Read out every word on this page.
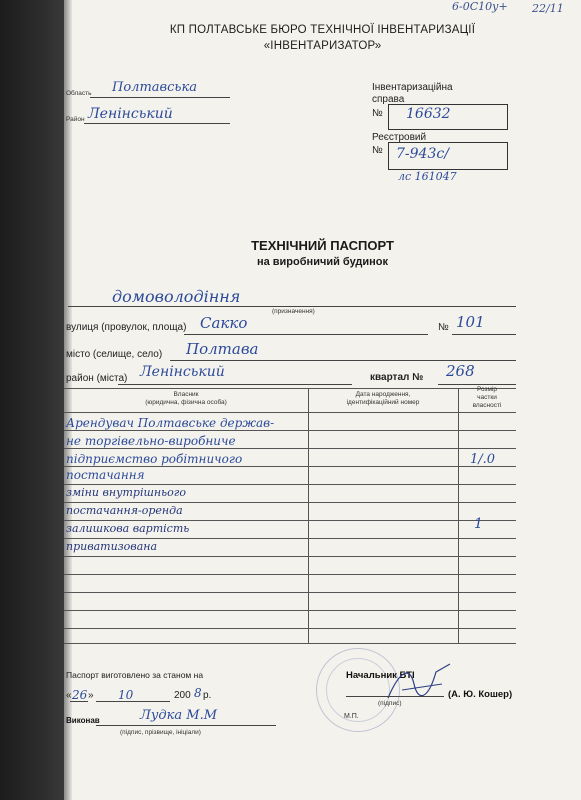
6-0С10у+ 22/11
КП ПОЛТАВСЬКЕ БЮРО ТЕХНІЧНОЇ ІНВЕНТАРИЗАЦІЇ
«ІНВЕНТАРИЗАТОР»
Область Полтавська
Район Ленінський
Інвентаризаційна справа
№ 16632
Реєстровий
№ 7-943с/
лс 161047
ТЕХНІЧНИЙ ПАСПОРТ
на виробничий будинок
домоволодіння
(призначення)
вулиця (провулок, площа) Сакко	№ 101
місто (селище, село) Полтава
район (міста) Ленінський	квартал № 268
Власник
(юридична, фізична особа)
Дата народження,
ідентифікаційний номер
Розмір
частки
власності
Арендувач Полтавське держав-
не торгівельно-виробниче
підприємство робітничого	1/.0
постачання
зміни внутрішнього
постачання-оренда
залишкова вартість	1
приватизована
Паспорт виготовлено за станом на
« 26 » 10	200 8 р.
Начальник БТІ
(підпис)
(А. Ю. Кошер)
М.П.
Виконав	Лудка М.М
(підпис, прізвище, ініціали)
